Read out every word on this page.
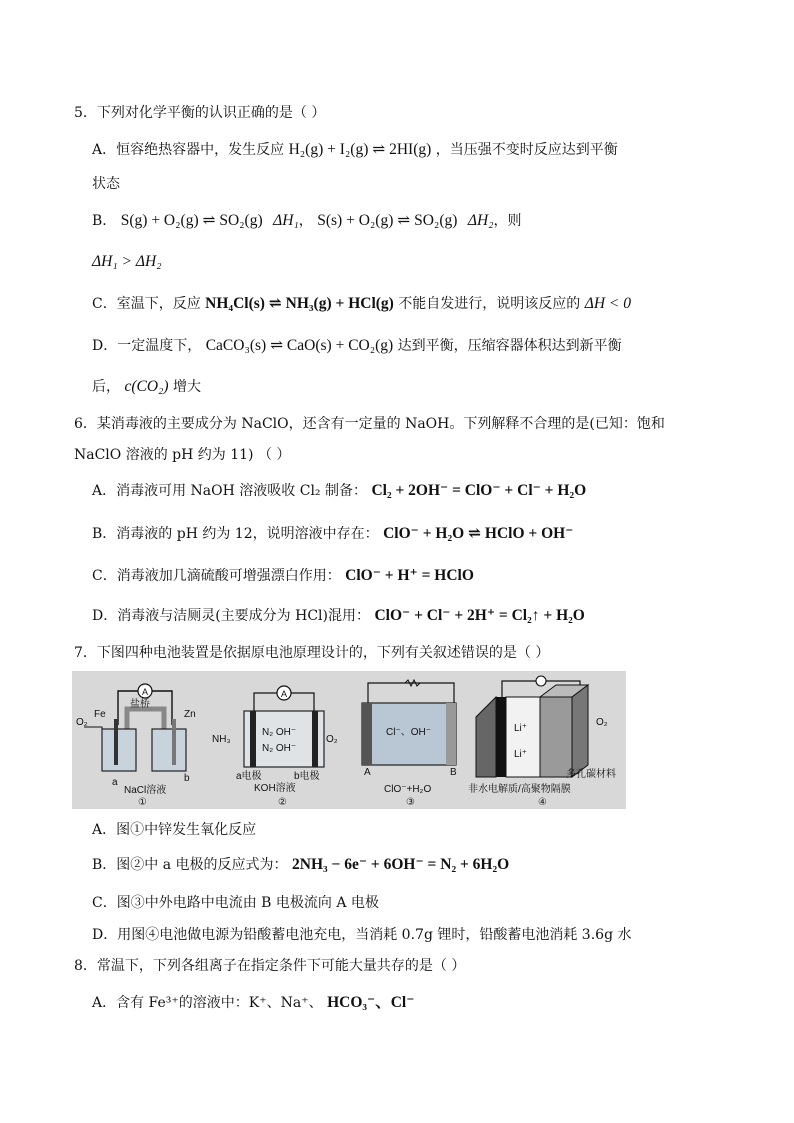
5．下列对化学平衡的认识正确的是（ ）
A．恒容绝热容器中，发生反应 H₂(g) + I₂(g) ⇌ 2HI(g) ，当压强不变时反应达到平衡
状态
B． S(g) + O₂(g) ⇌ SO₂(g) ΔH₁， S(s) + O₂(g) ⇌ SO₂(g) ΔH₂，则
ΔH₁ > ΔH₂
C．室温下，反应 NH₄Cl(s) ⇌ NH₃(g) + HCl(g) 不能自发进行，说明该反应的 ΔH < 0
D．一定温度下， CaCO₃(s) ⇌ CaO(s) + CO₂(g) 达到平衡，压缩容器体积达到新平衡
后， c(CO₂) 增大
6．某消毒液的主要成分为 NaClO，还含有一定量的 NaOH。下列解释不合理的是(已知：饱和
NaClO 溶液的 pH 约为 11) （ ）
A．消毒液可用 NaOH 溶液吸收 Cl₂ 制备： Cl₂ + 2OH⁻ = ClO⁻ + Cl⁻ + H₂O
B．消毒液的 pH 约为 12，说明溶液中存在： ClO⁻ + H₂O ⇌ HClO + OH⁻
C．消毒液加几滴硫酸可增强漂白作用： ClO⁻ + H⁺ = HClO
D．消毒液与洁厕灵(主要成分为 HCl)混用： ClO⁻ + Cl⁻ + 2H⁺ = Cl₂↑ + H₂O
7．下图四种电池装置是依据原电池原理设计的，下列有关叙述错误的是（ ）
A
Fe	Zn
盐桥
O₂
a	b
NaCl溶液
①
A
NH₃	O₂
N₂ OH⁻
N₂ OH⁻
a电极	b电极
KOH溶液
②
Cl⁻、OH⁻
A	B
ClO⁻+H₂O
③
Li⁺
Li⁺
O₂
多孔碳材料
非水电解质/高聚物隔膜
④
A．图①中锌发生氧化反应
B．图②中 a 电极的反应式为： 2NH₃ − 6e⁻ + 6OH⁻ = N₂ + 6H₂O
C．图③中外电路中电流由 B 电极流向 A 电极
D．用图④电池做电源为铅酸蓄电池充电，当消耗 0.7g 锂时，铅酸蓄电池消耗 3.6g 水
8．常温下，下列各组离子在指定条件下可能大量共存的是（ ）
A．含有 Fe³⁺的溶液中：K⁺、Na⁺、 HCO₃⁻、Cl⁻
